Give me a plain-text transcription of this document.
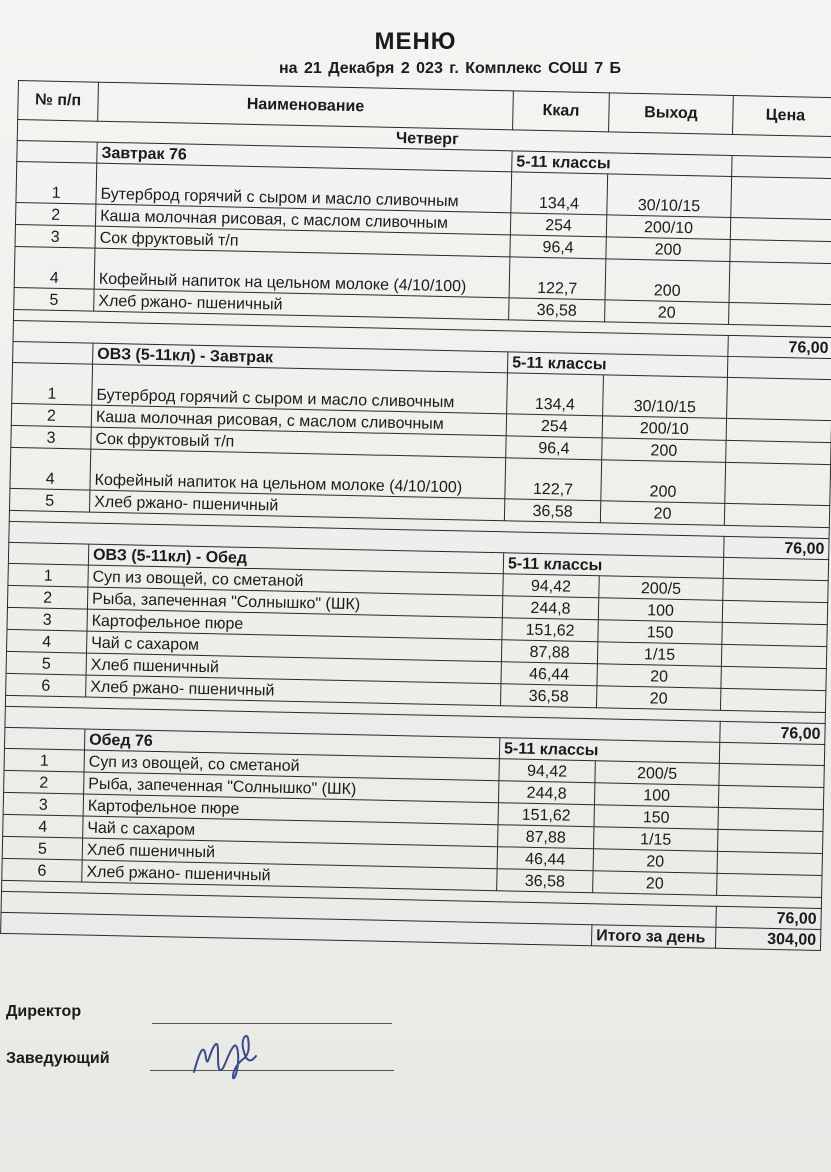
МЕНЮ
на 21 Декабря 2 023 г. Комплекс СОШ 7 Б
№ п/п	Наименование	Ккал	Выход	Цена
Четверг				
	Завтрак 76	5-11 классы		
1	Бутерброд горячий с сыром и масло сливочным	134,4	30/10/15	
2	Каша молочная рисовая, с маслом сливочным	254	200/10	
3	Сок фруктовый т/п	96,4	200	
4	Кофейный напиток на цельном молоке (4/10/100)	122,7	200	
5	Хлеб ржано- пшеничный	36,58	20	

				76,00
	ОВЗ (5-11кл) - Завтрак	5-11 классы		
1	Бутерброд горячий с сыром и масло сливочным	134,4	30/10/15	
2	Каша молочная рисовая, с маслом сливочным	254	200/10	
3	Сок фруктовый т/п	96,4	200	
4	Кофейный напиток на цельном молоке (4/10/100)	122,7	200	
5	Хлеб ржано- пшеничный	36,58	20	

				76,00
	ОВЗ (5-11кл) - Обед	5-11 классы		
1	Суп из овощей, со сметаной	94,42	200/5	
2	Рыба, запеченная "Солнышко" (ШК)	244,8	100	
3	Картофельное пюре	151,62	150	
4	Чай с сахаром	87,88	1/15	
5	Хлеб пшеничный	46,44	20	
6	Хлеб ржано- пшеничный	36,58	20	

				76,00
	Обед 76	5-11 классы		
1	Суп из овощей, со сметаной	94,42	200/5	
2	Рыба, запеченная "Солнышко" (ШК)	244,8	100	
3	Картофельное пюре	151,62	150	
4	Чай с сахаром	87,88	1/15	
5	Хлеб пшеничный	46,44	20	
6	Хлеб ржано- пшеничный	36,58	20	

				76,00
			Итого за день	304,00
Директор
Заведующий
